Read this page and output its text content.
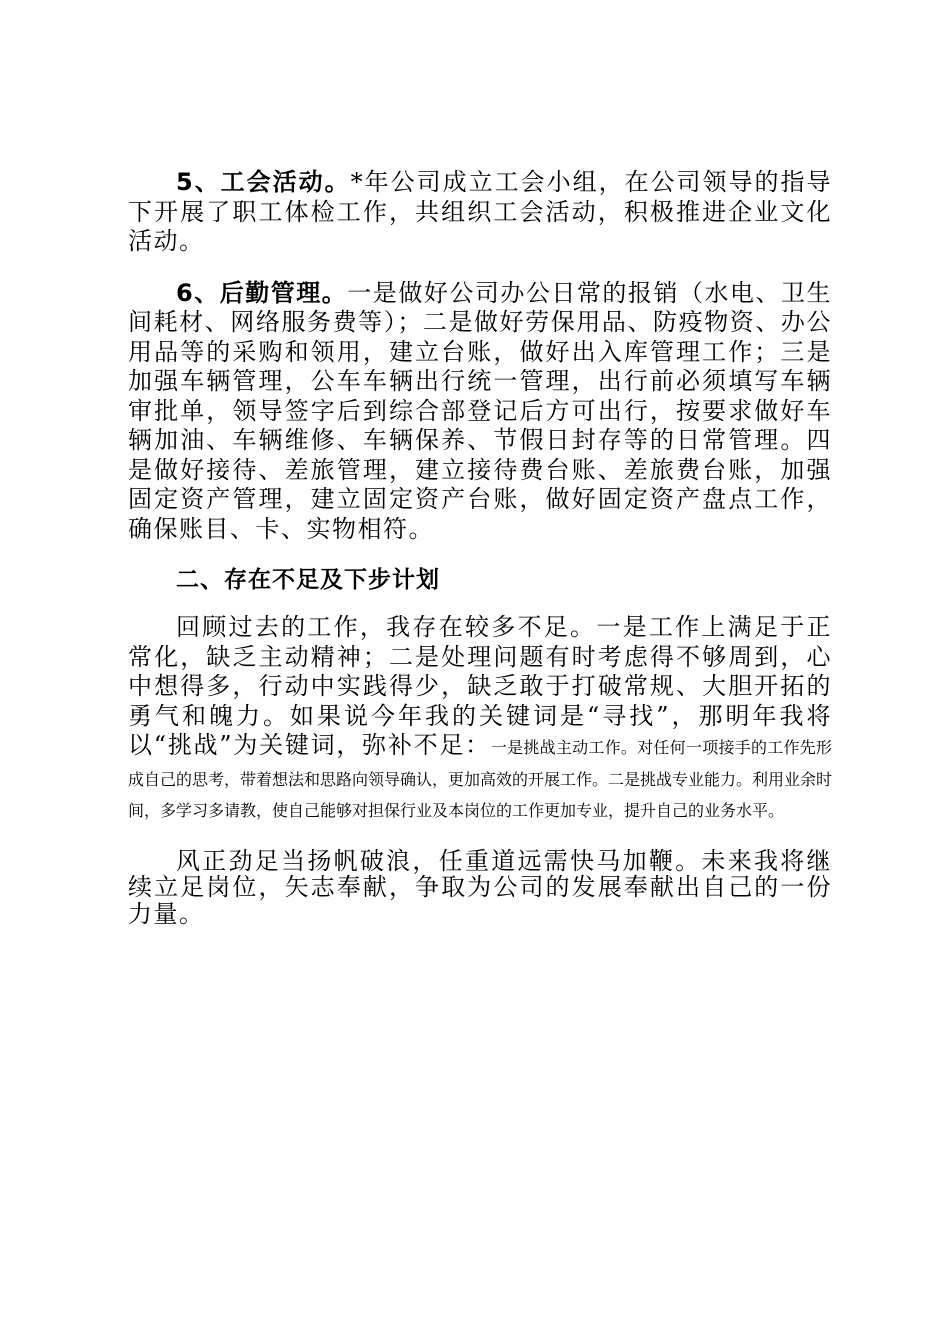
5、工会活动。*年公司成立工会小组，在公司领导的指导下开展了职工体检工作，共组织工会活动，积极推进企业文化活动。

6、后勤管理。一是做好公司办公日常的报销（水电、卫生间耗材、网络服务费等）；二是做好劳保用品、防疫物资、办公用品等的采购和领用，建立台账，做好出入库管理工作；三是加强车辆管理，公车车辆出行统一管理，出行前必须填写车辆审批单，领导签字后到综合部登记后方可出行，按要求做好车辆加油、车辆维修、车辆保养、节假日封存等的日常管理。四是做好接待、差旅管理，建立接待费台账、差旅费台账，加强固定资产管理，建立固定资产台账，做好固定资产盘点工作，确保账目、卡、实物相符。

二、存在不足及下步计划

回顾过去的工作，我存在较多不足。一是工作上满足于正常化，缺乏主动精神；二是处理问题有时考虑得不够周到，心中想得多，行动中实践得少，缺乏敢于打破常规、大胆开拓的勇气和魄力。如果说今年我的关键词是“寻找”，那明年我将以“挑战”为关键词，弥补不足：一是挑战主动工作。对任何一项接手的工作先形成自己的思考，带着想法和思路向领导确认，更加高效的开展工作。二是挑战专业能力。利用业余时间，多学习多请教，使自己能够对担保行业及本岗位的工作更加专业，提升自己的业务水平。

风正劲足当扬帆破浪，任重道远需快马加鞭。未来我将继续立足岗位，矢志奉献，争取为公司的发展奉献出自己的一份力量。
